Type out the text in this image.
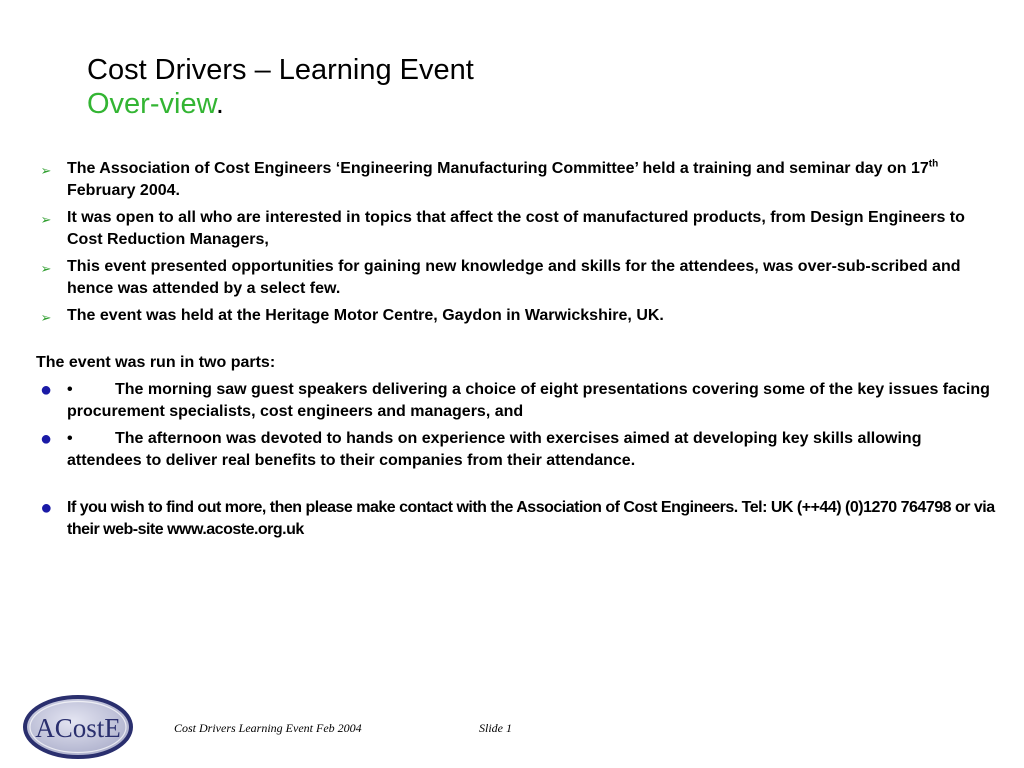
Cost Drivers – Learning Event
Over-view.
➢ The Association of Cost Engineers ‘Engineering Manufacturing Committee’ held a training and seminar day on 17th February 2004.
➢ It was open to all who are interested in topics that affect the cost of manufactured products, from Design Engineers to Cost Reduction Managers,
➢ This event presented opportunities for gaining new knowledge and skills for the attendees, was over-sub-scribed and hence was attended by a select few.
➢ The event was held at the Heritage Motor Centre, Gaydon in Warwickshire, UK.
The event was run in two parts:
● •	The morning saw guest speakers delivering a choice of eight presentations covering some of the key issues facing procurement specialists, cost engineers and managers, and
● •	The afternoon was devoted to hands on experience with exercises aimed at developing key skills allowing attendees to deliver real benefits to their companies from their attendance.
● If you wish to find out more, then please make contact with the Association of Cost Engineers. Tel: UK (++44) (0)1270 764798 or via their web-site www.acoste.org.uk
ACostE	Cost Drivers Learning Event Feb 2004	Slide 1
